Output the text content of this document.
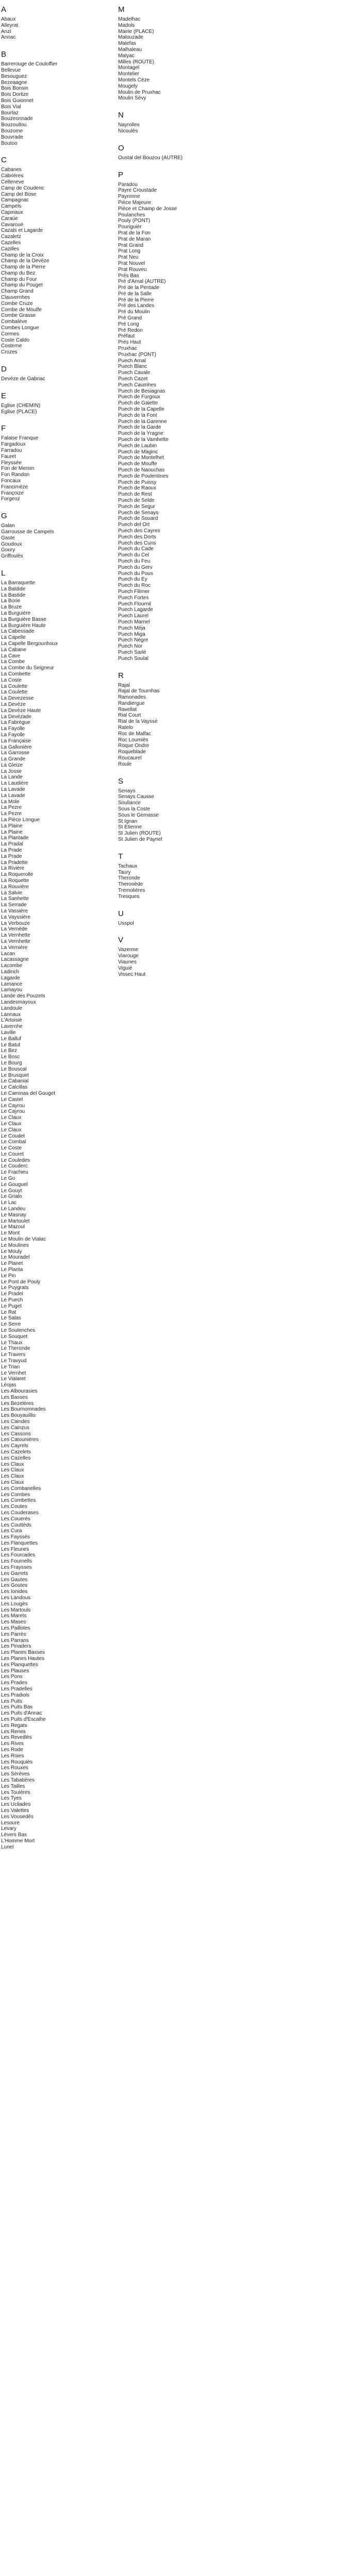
A
Abaux
Alleyrat
Anzi
Annac
B
Barrerouge de Couloffier
Bellevue
Besouguez
Bezeaagne
Bois Bonsin
Bois Dorlize
Bois Guionnet
Bois Vial
Bourlaz
Bouzeonnade
Bouzoullou
Bouzome
Bouvrade
Boutoo
C
Cabanes
Cabrières
Celleneve
Camp de Coudenc
Camp del Bose
Campagnac
Campels
Capmaux
Caraüe
Cavaroué
Cazals et Lagarde
Cazaletz
Cazelles
Cazilles
Champ de la Croix
Champ de la Devèze
Champ de la Pierre
Champ du Bez
Champ du Four
Champ du Pouget
Champ Grand
Clauvernhes
Combe Cruze
Combe de Moulfe
Combe Grasse
Combalève
Combes Longue
Cormes
Coste Caldo
Costerne
Crozes
D
Devèze de Gabriac
E
Eglise (CHEMIN)
Eglise (PLACE)
F
Falaise Franque
Fargadoux
Farradou
Fauret
Fleyssée
Fon de Merion
Fon Randon
Foncaux
Francimèze
Françoize
Forgeoz
G
Galan
Garrousse de Campels
Gaste
Goudoux
Goury
Griffoulès
L
La Barraquette
La Baldide
La Bastide
La Borie
La Bruze
La Burguière
La Burguière Basse
La Burguière Haute
La Cabessade
La Capelle
La Capelle Bergounhoux
La Cabane
La Cave
La Combe
La Combe du Seigneur
La Combette
La Coste
La Coulette
La Coulette
La Devezesse
La Devèze
La Devèze Haute
La Devèzade
La Fabrègue
La Fayolle
La Fayolle
La Française
La Gallonière
La Garrosse
La Grande
La Gleize
La Josse
La Lande
La Laudière
La Lavade
La Lavade
La Mole
La Pezre
La Pezre
La Pièce Longue
La Plaine
La Plaine
La Plantade
La Pradal
La Prade
La Prade
La Pradette
La Rivière
La Roquerolle
La Roquette
La Rouvière
La Salvie
La Sanhette
La Serrade
La Vassière
La Vayssière
La Verbouze
La Vernède
La Vernhette
La Vernhette
La Vernière
Lacan
Lacassagne
Lacombe
Ladinch
Lagarde
Lamance
Lamayou
Lande des Pouzets
Landesmayoux
Landoule
Lannaux
L'Artoisiè
Lavernhe
Laville
Le Balluf
Le Batut
Le Bez
Le Bosc
Le Bourg
Le Bouscal
Le Brusquet
Le Cabanial
Le Calcillas
Le Caminas del Gouget
Le Castel
Le Cayrou
Le Cayrou
Le Claux
Le Claux
Le Claux
Le Coudet
Le Combal
Le Coste
Le Couret
Le Couledes
Le Couderc
Le Frachieu
Le Go
Le Gouguel
Le Gouyt
Le Grialo
Le Lac
Le Landeu
Le Masnay
Le Martoulet
Le Mazoul
Le Mont
Le Moulin de Vialac
Le Moulines
Le Mouly
Le Mouradel
Le Planet
Le Planta
Le Pin
Le Pont de Pouly
Le Puygrats
Le Pradel
Le Puech
Le Puget
Le Rat
Le Salas
Le Serre
Le Soulenches
Le Souquet
Le Thaux
Le Theronde
Le Travers
Le Travyud
Le Trian
Le Vernhet
Le Vialaret
Léojas
Les Albourasies
Les Basses
Les Bezelères
Les Bournomnades
Les Bouyauillis
Les Caindes
Les Cainzus
Les Cassons
Les Catounières
Les Cayrels
Les Cazelets
Les Cazelles
Les Claux
Les Claux
Les Claux
Les Claux
Les Combanelles
Les Combes
Les Combettes
Les Coutes
Les Couderases
Les Couerès
Les Couttèds
Les Cura
Les Fayssès
Les Flanquettes
Les Fleunes
Les Fourcades
Les Fournells
Les Fraysses
Les Garrets
Les Gautes
Les Goutes
Les Ionides
Les Landous
Les Lougès
Les Martouls
Les Marets
Les Mases
Les Paillotes
Les Parrès
Les Parrans
Les Pinaders
Les Planes Basses
Les Planes Hautes
Les Planquettes
Les Plauses
Les Pons
Les Prades
Les Pradelles
Les Pradiols
Les Puits
Les Puits Bas
Les Puits d'Annac
Les Puits d'Escalhe
Les Regats
Les Renes
Les Reveillès
Les Rives
Les Rode
Les Roies
Les Rouquiès
Les Rouxes
Les Sèrèves
Les Tabatières
Les Tailles
Les Toulères
Les Tyes
Les Ucliades
Les Valettes
Les Vousedès
Lesoure
Levary
Lévers Bas
L'Homme Mort
Lunel
M
Madelhac
Madols
Mairie (PLACE)
Malouzade
Malefas
Malhaleau
Malyac
Milles (ROUTE)
Montagel
Montelier
Montels Cèze
Mougely
Moulin de Pruxhac
Moulin Sévy
N
Nayrolles
Nicoulès
O
Oustal del Bouzou (AUTRE)
P
Paradou
Payre Croustade
Payronne
Pièce Majeure
Pièce et Champ de Josse
Poulanches
Pouly (PONT)
Pouriguièr
Prat de la Fon
Prat de Maran
Prat Grand
Prat Long
Prat Neu
Prat Nouvel
Prat Rouveu
Prés Bas
Pré d'Arnal (AUTRE)
Pré de la Pentade
Pré de la Salle
Pré de la Pierre
Pré des Landes
Pré du Moulin
Pré Grand
Pré Long
Pré Redon
Préfaut
Prés Haut
Pruxhac
Pruxhac (PONT)
Puech Arnal
Puech Blanc
Puech Cavale
Puech Cazet
Puech Caumhes
Puech de Besiagnas
Puech de Furgoux
Puech de Gaiette
Puech de la Capelle
Puech de la Font
Puech de la Garenne
Puech de la Garde
Puech de la Yragne
Puech de la Vamhette
Puech de Laubin
Puech de Maginc
Puech de Montelhet
Puech de Mouffe
Puech de Naouchas
Puech de Poulentines
Puech de Puissy
Puech de Raoux
Puech de Rest
Puech de Selde
Puech de Segur
Puech de Senays
Puech de Souard
Puech del Ort
Puech des Cayres
Puech des Dorts
Puech des Cuns
Puech du Cade
Puech du Cel
Puech du Feu
Puech du Gerv
Puech du Pous
Puech du Ey
Puech du Roc
Puech Filimer
Puech Fortes
Puech Flournil
Puech Lagarde
Puech Laurel
Puech Marnel
Puech Méja
Puech Miga
Puech Négre
Puech Nor
Puech Sarlé
Puech Soulal
R
Rajal
Rajal de Tournhas
Ramonades
Randiergue
Ravellat
Rial Court
Rial de la Vayssé
Ratelo
Roc de Malfac
Roc Loumiès
Roque Ondre
Roqueblade
Roucaurel
Roule
S
Senays
Senays Causse
Souliance
Sous la Coste
Sous le Gemasse
St Ignan
St Etienne
St Julien (ROUTE)
St Julien de Paynel
T
Tachaux
Taury
Theronde
Theronède
Tremolières
Tresques
U
Usspol
V
Vazerme
Viarouge
Viaunes
Viguié
Vissec Haut
